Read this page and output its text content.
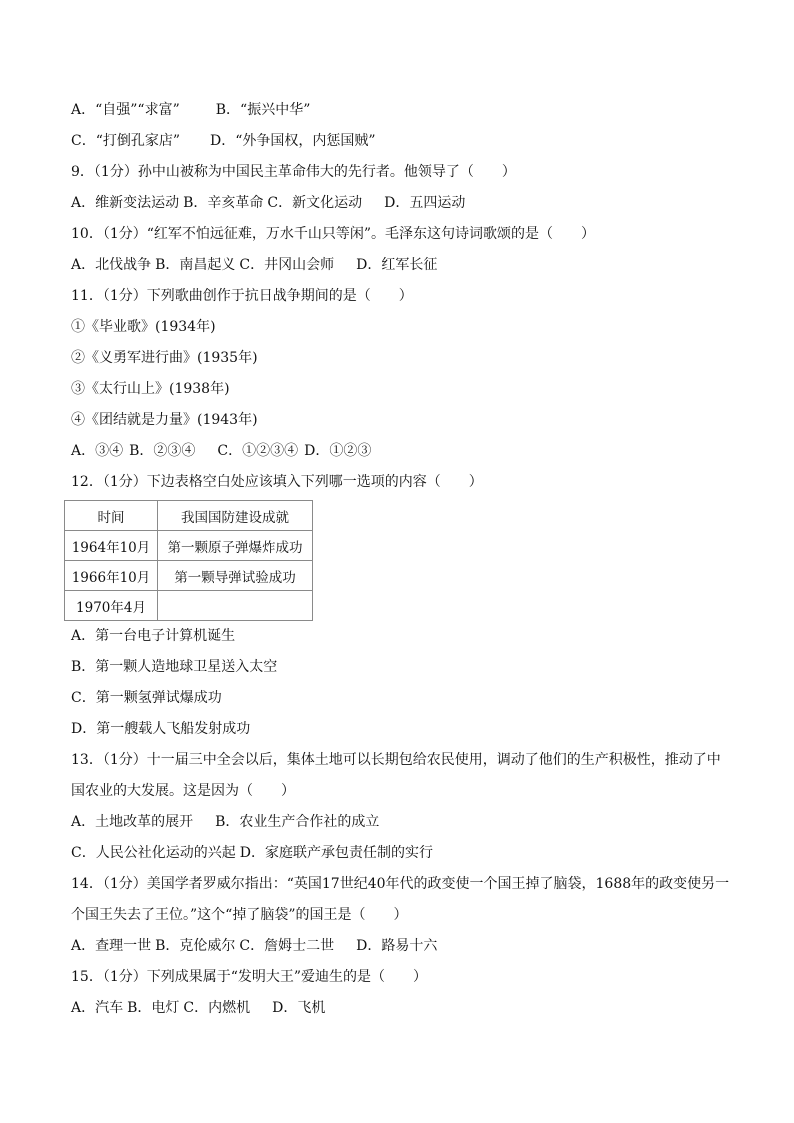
A．“自强”“求富”	B．“振兴中华”
C．“打倒孔家店” D．“外争国权，内惩国贼”
9．（1分）孙中山被称为中国民主革命伟大的先行者。他领导了（　　）
A．维新变法运动 B．辛亥革命 C．新文化运动 D．五四运动
10．（1分）“红军不怕远征难，万水千山只等闲”。毛泽东这句诗词歌颂的是（　　）
A．北伐战争 B．南昌起义 C．井冈山会师 D．红军长征
11．（1分）下列歌曲创作于抗日战争期间的是（　　）
①《毕业歌》(1934年)
②《义勇军进行曲》(1935年)
③《太行山上》(1938年)
④《团结就是力量》(1943年)
A．③④ B．②③④ C．①②③④ D．①②③
12．（1分）下边表格空白处应该填入下列哪一选项的内容（　　）
时间	我国国防建设成就
1964年10月	第一颗原子弹爆炸成功
1966年10月	第一颗导弹试验成功
1970年4月	
A．第一台电子计算机诞生
B．第一颗人造地球卫星送入太空
C．第一颗氢弹试爆成功
D．第一艘载人飞船发射成功
13．（1分）十一届三中全会以后，集体土地可以长期包给农民使用，调动了他们的生产积极性，推动了中国农业的大发展。这是因为（　　）
A．土地改革的展开 B．农业生产合作社的成立
C．人民公社化运动的兴起 D．家庭联产承包责任制的实行
14．（1分）美国学者罗威尔指出：“英国17世纪40年代的政变使一个国王掉了脑袋，1688年的政变使另一个国王失去了王位。”这个“掉了脑袋”的国王是（　　）
A．查理一世 B．克伦威尔 C．詹姆士二世 D．路易十六
15．（1分）下列成果属于“发明大王”爱迪生的是（　　）
A．汽车 B．电灯 C．内燃机 D．飞机
